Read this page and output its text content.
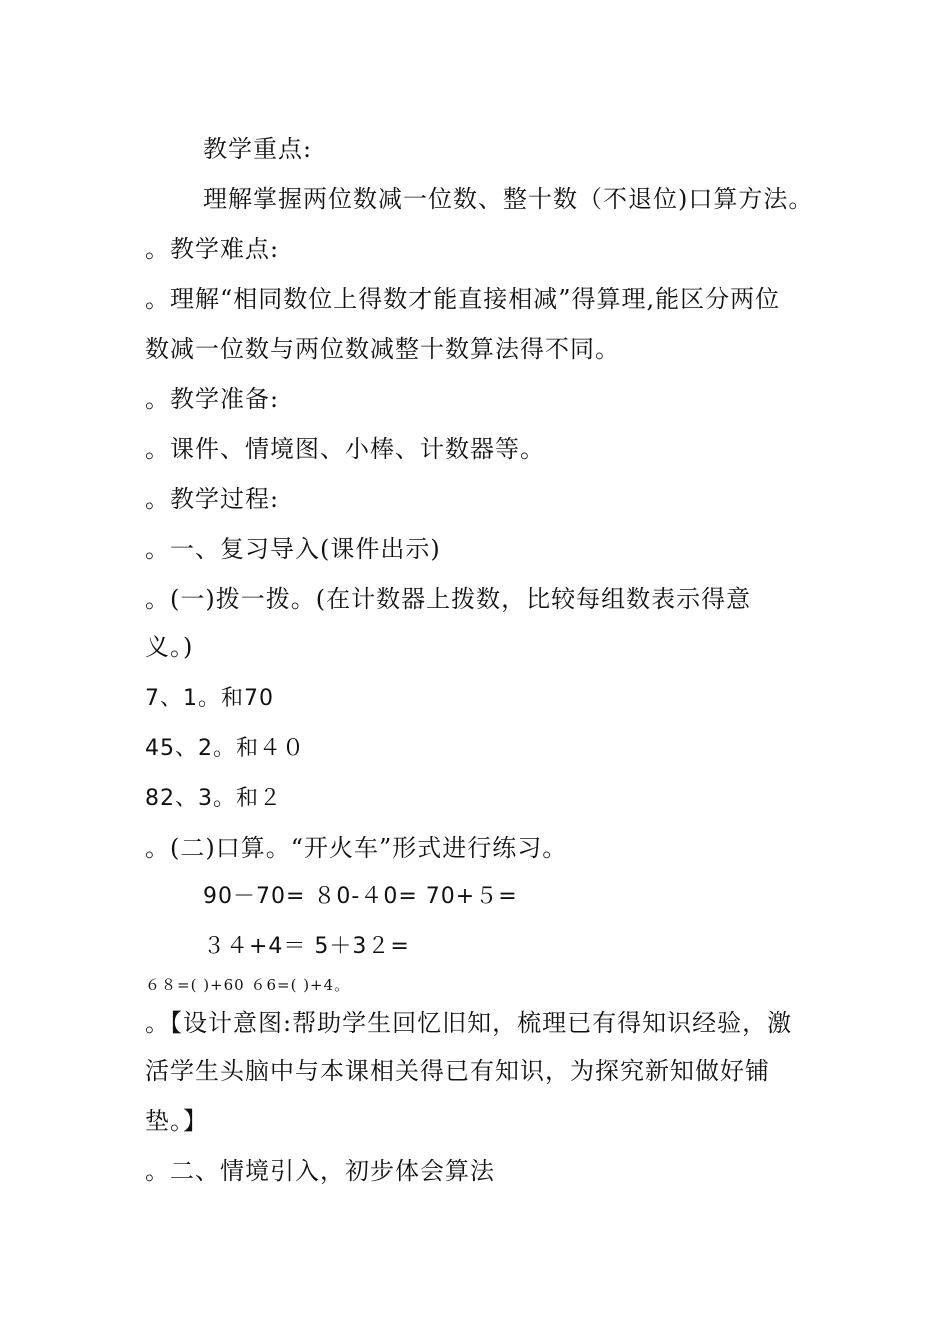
教学重点:
理解掌握两位数减一位数、整十数（不退位)口算方法。
。教学难点:
。理解“相同数位上得数才能直接相减”得算理,能区分两位
数减一位数与两位数减整十数算法得不同。
。教学准备:
。课件、情境图、小棒、计数器等。
。教学过程:
。一、复习导入(课件出示)
。(一)拨一拨。(在计数器上拨数，比较每组数表示得意
义。)
7、1。和70
45、2。和４０
82、3。和２
。(二)口算。“开火车”形式进行练习。
90－70= ８0-４0= 70+５=
３４+4＝ 5＋3２=
６８=( )+60 ６6=( )+4。
。【设计意图:帮助学生回忆旧知，梳理已有得知识经验，激
活学生头脑中与本课相关得已有知识，为探究新知做好铺
垫。】
。二、情境引入，初步体会算法
